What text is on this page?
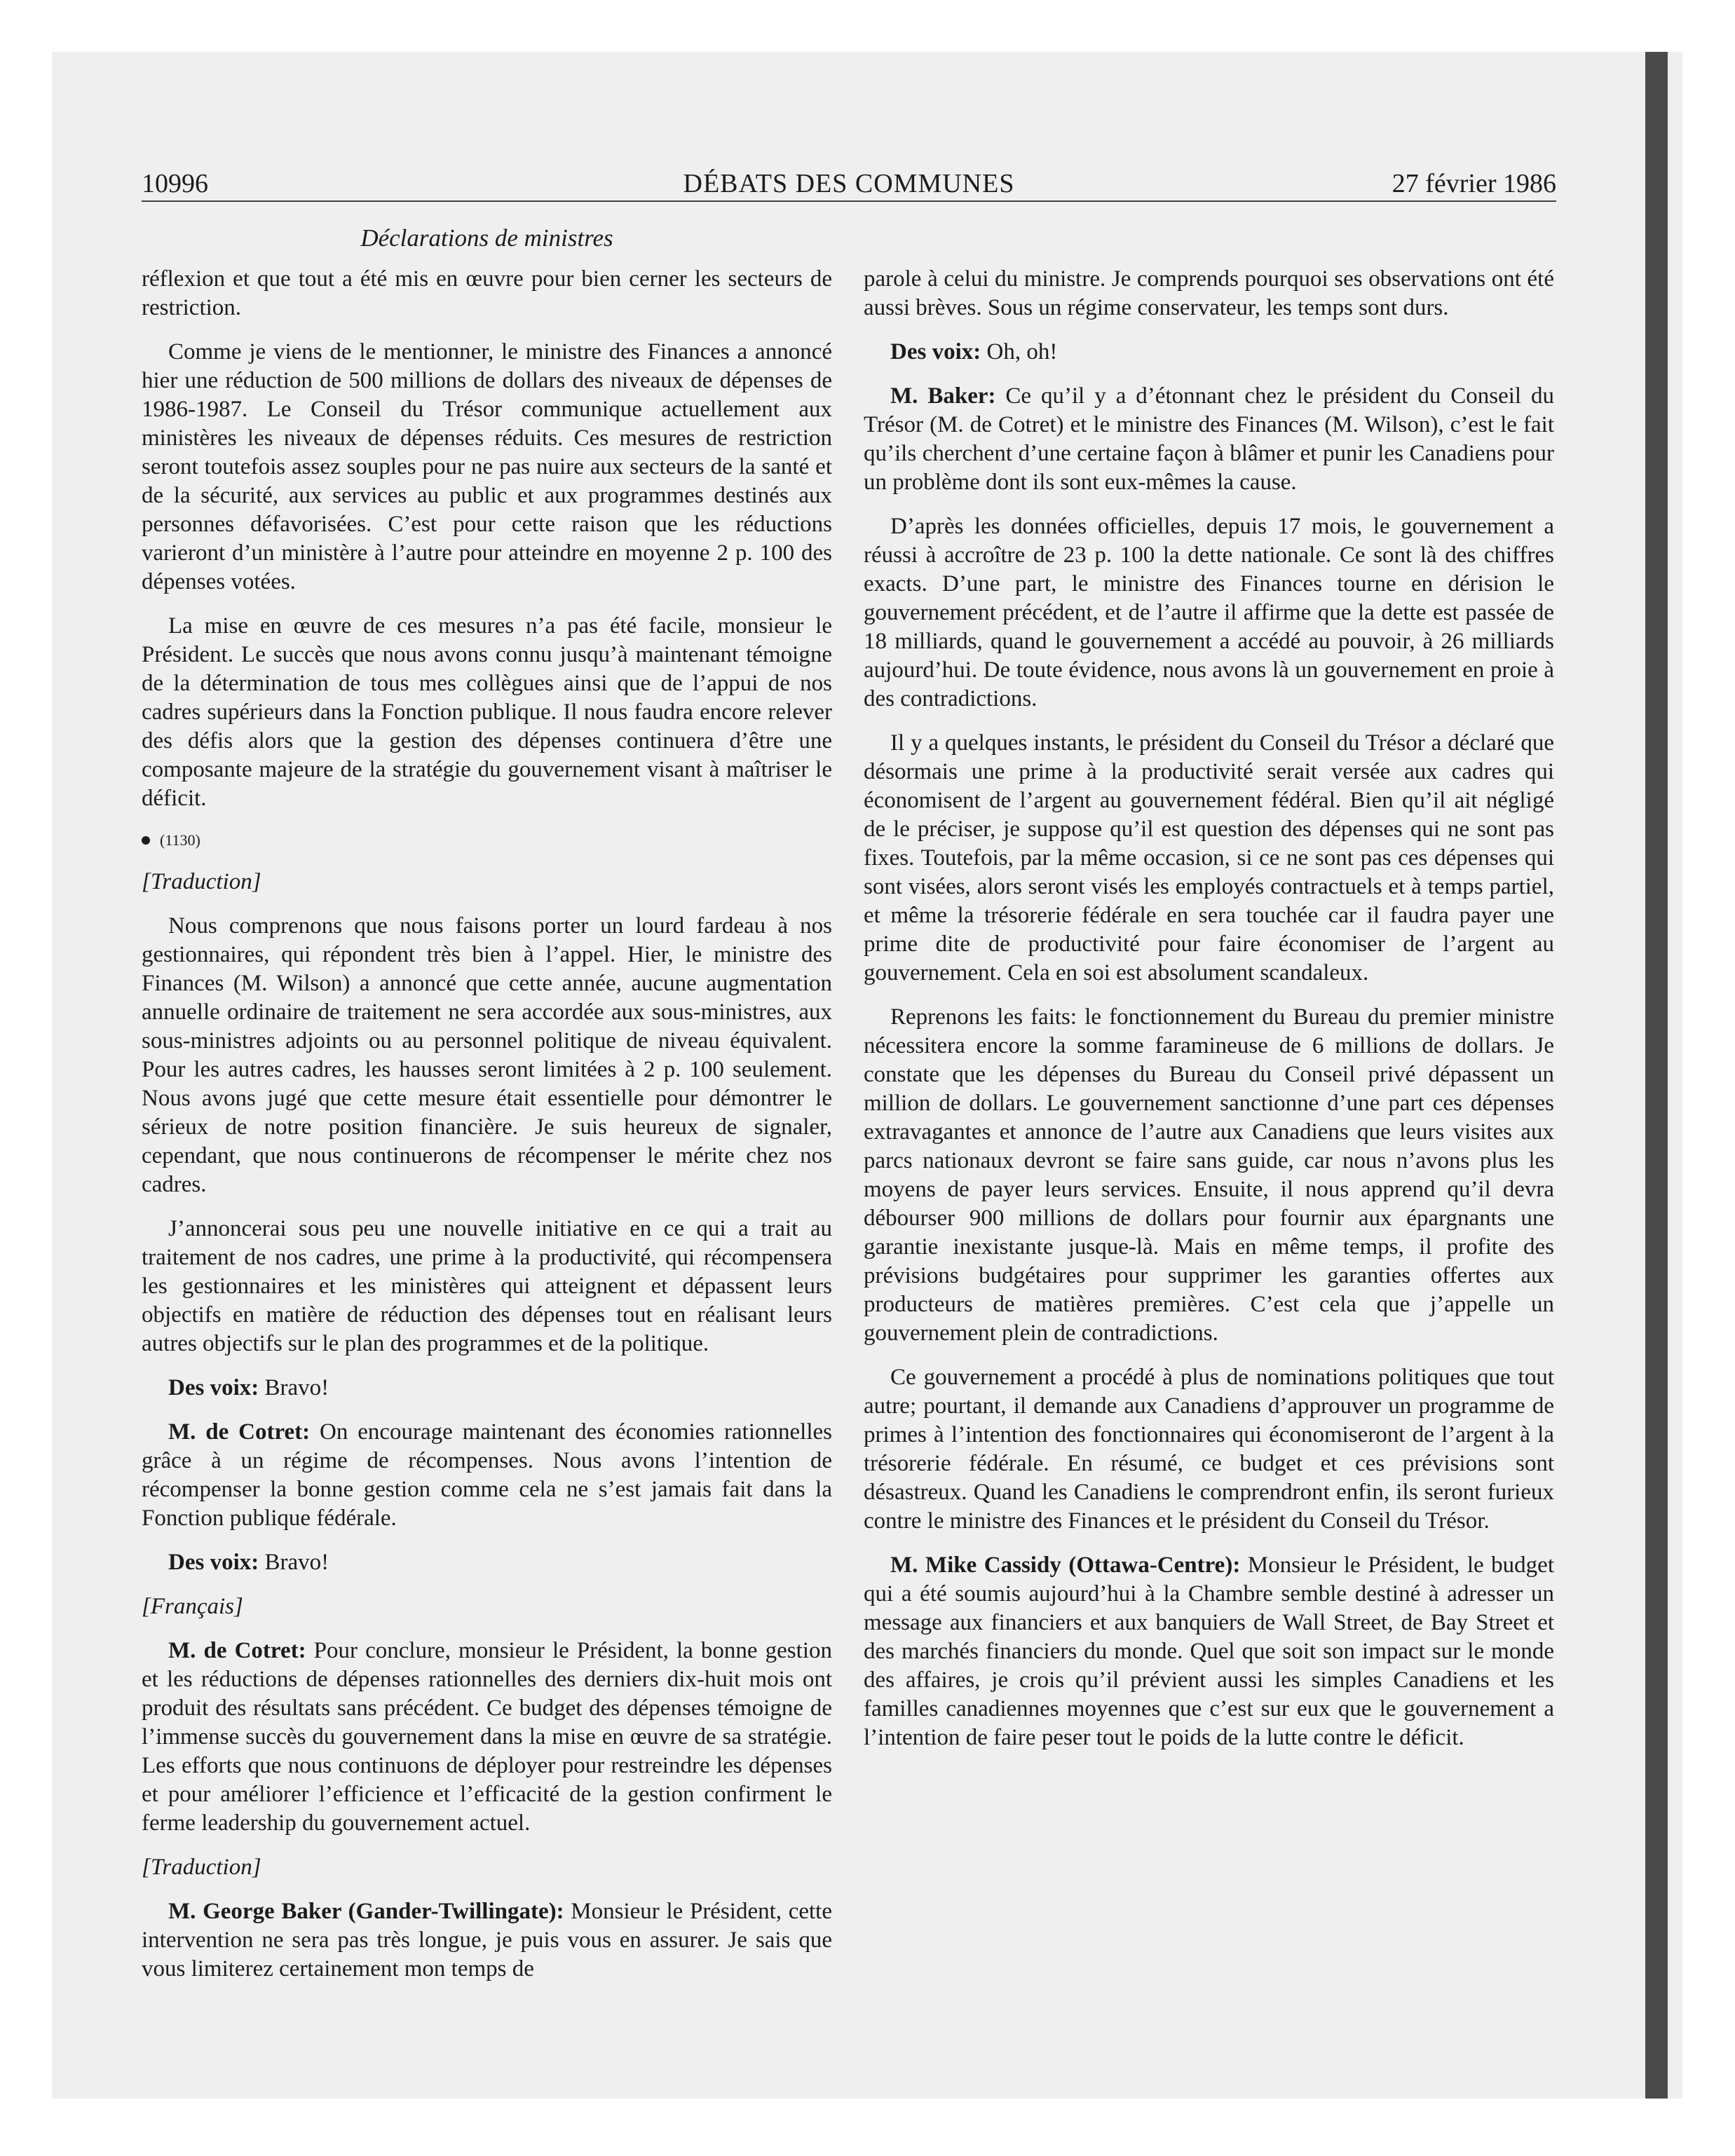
10996	DÉBATS DES COMMUNES	27 février 1986
Déclarations de ministres

réflexion et que tout a été mis en œuvre pour bien cerner les secteurs de restriction.

Comme je viens de le mentionner, le ministre des Finances a annoncé hier une réduction de 500 millions de dollars des niveaux de dépenses de 1986-1987. Le Conseil du Trésor communique actuellement aux ministères les niveaux de dépenses réduits. Ces mesures de restriction seront toutefois assez souples pour ne pas nuire aux secteurs de la santé et de la sécurité, aux services au public et aux programmes destinés aux personnes défavorisées. C’est pour cette raison que les réductions varieront d’un ministère à l’autre pour atteindre en moyenne 2 p. 100 des dépenses votées.

La mise en œuvre de ces mesures n’a pas été facile, monsieur le Président. Le succès que nous avons connu jusqu’à maintenant témoigne de la détermination de tous mes collègues ainsi que de l’appui de nos cadres supérieurs dans la Fonction publique. Il nous faudra encore relever des défis alors que la gestion des dépenses continuera d’être une composante majeure de la stratégie du gouvernement visant à maîtriser le déficit.

(1130)

[Traduction]

Nous comprenons que nous faisons porter un lourd fardeau à nos gestionnaires, qui répondent très bien à l’appel. Hier, le ministre des Finances (M. Wilson) a annoncé que cette année, aucune augmentation annuelle ordinaire de traitement ne sera accordée aux sous-ministres, aux sous-ministres adjoints ou au personnel politique de niveau équivalent. Pour les autres cadres, les hausses seront limitées à 2 p. 100 seulement. Nous avons jugé que cette mesure était essentielle pour démontrer le sérieux de notre position financière. Je suis heureux de signaler, cependant, que nous continuerons de récompenser le mérite chez nos cadres.

J’annoncerai sous peu une nouvelle initiative en ce qui a trait au traitement de nos cadres, une prime à la productivité, qui récompensera les gestionnaires et les ministères qui atteignent et dépassent leurs objectifs en matière de réduction des dépenses tout en réalisant leurs autres objectifs sur le plan des programmes et de la politique.

Des voix: Bravo!

M. de Cotret: On encourage maintenant des économies rationnelles grâce à un régime de récompenses. Nous avons l’intention de récompenser la bonne gestion comme cela ne s’est jamais fait dans la Fonction publique fédérale.

Des voix: Bravo!

[Français]

M. de Cotret: Pour conclure, monsieur le Président, la bonne gestion et les réductions de dépenses rationnelles des derniers dix-huit mois ont produit des résultats sans précédent. Ce budget des dépenses témoigne de l’immense succès du gouvernement dans la mise en œuvre de sa stratégie. Les efforts que nous continuons de déployer pour restreindre les dépenses et pour améliorer l’efficience et l’efficacité de la gestion confirment le ferme leadership du gouvernement actuel.

[Traduction]

M. George Baker (Gander-Twillingate): Monsieur le Président, cette intervention ne sera pas très longue, je puis vous en assurer. Je sais que vous limiterez certainement mon temps de

parole à celui du ministre. Je comprends pourquoi ses observations ont été aussi brèves. Sous un régime conservateur, les temps sont durs.

Des voix: Oh, oh!

M. Baker: Ce qu’il y a d’étonnant chez le président du Conseil du Trésor (M. de Cotret) et le ministre des Finances (M. Wilson), c’est le fait qu’ils cherchent d’une certaine façon à blâmer et punir les Canadiens pour un problème dont ils sont eux-mêmes la cause.

D’après les données officielles, depuis 17 mois, le gouvernement a réussi à accroître de 23 p. 100 la dette nationale. Ce sont là des chiffres exacts. D’une part, le ministre des Finances tourne en dérision le gouvernement précédent, et de l’autre il affirme que la dette est passée de 18 milliards, quand le gouvernement a accédé au pouvoir, à 26 milliards aujourd’hui. De toute évidence, nous avons là un gouvernement en proie à des contradictions.

Il y a quelques instants, le président du Conseil du Trésor a déclaré que désormais une prime à la productivité serait versée aux cadres qui économisent de l’argent au gouvernement fédéral. Bien qu’il ait négligé de le préciser, je suppose qu’il est question des dépenses qui ne sont pas fixes. Toutefois, par la même occasion, si ce ne sont pas ces dépenses qui sont visées, alors seront visés les employés contractuels et à temps partiel, et même la trésorerie fédérale en sera touchée car il faudra payer une prime dite de productivité pour faire économiser de l’argent au gouvernement. Cela en soi est absolument scandaleux.

Reprenons les faits: le fonctionnement du Bureau du premier ministre nécessitera encore la somme faramineuse de 6 millions de dollars. Je constate que les dépenses du Bureau du Conseil privé dépassent un million de dollars. Le gouvernement sanctionne d’une part ces dépenses extravagantes et annonce de l’autre aux Canadiens que leurs visites aux parcs nationaux devront se faire sans guide, car nous n’avons plus les moyens de payer leurs services. Ensuite, il nous apprend qu’il devra débourser 900 millions de dollars pour fournir aux épargnants une garantie inexistante jusque-là. Mais en même temps, il profite des prévisions budgétaires pour supprimer les garanties offertes aux producteurs de matières premières. C’est cela que j’appelle un gouvernement plein de contradictions.

Ce gouvernement a procédé à plus de nominations politiques que tout autre; pourtant, il demande aux Canadiens d’approuver un programme de primes à l’intention des fonctionnaires qui économiseront de l’argent à la trésorerie fédérale. En résumé, ce budget et ces prévisions sont désastreux. Quand les Canadiens le comprendront enfin, ils seront furieux contre le ministre des Finances et le président du Conseil du Trésor.

M. Mike Cassidy (Ottawa-Centre): Monsieur le Président, le budget qui a été soumis aujourd’hui à la Chambre semble destiné à adresser un message aux financiers et aux banquiers de Wall Street, de Bay Street et des marchés financiers du monde. Quel que soit son impact sur le monde des affaires, je crois qu’il prévient aussi les simples Canadiens et les familles canadiennes moyennes que c’est sur eux que le gouvernement a l’intention de faire peser tout le poids de la lutte contre le déficit.
